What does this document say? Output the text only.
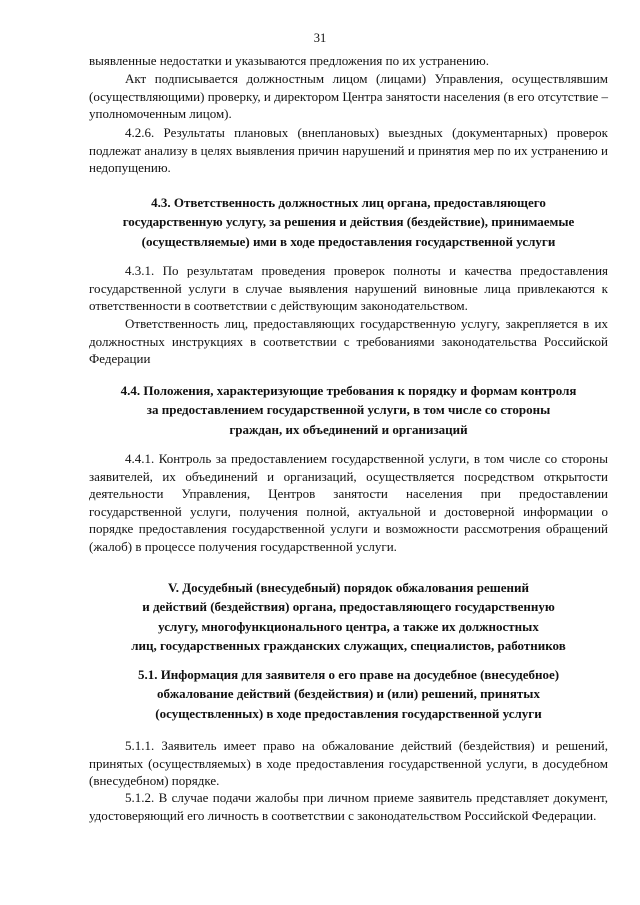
31

выявленные недостатки и указываются предложения по их устранению.

Акт подписывается должностным лицом (лицами) Управления, осуществлявшим (осуществляющими) проверку, и директором Центра занятости населения (в его отсутствие – уполномоченным лицом).

4.2.6. Результаты плановых (внеплановых) выездных (документарных) проверок подлежат анализу в целях выявления причин нарушений и принятия мер по их устранению и недопущению.

4.3. Ответственность должностных лиц органа, предоставляющего
государственную услугу, за решения и действия (бездействие), принимаемые
(осуществляемые) ими в ходе предоставления государственной услуги

4.3.1. По результатам проведения проверок полноты и качества предоставления государственной услуги в случае выявления нарушений виновные лица привлекаются к ответственности в соответствии с действующим законодательством.

Ответственность лиц, предоставляющих государственную услугу, закрепляется в их должностных инструкциях в соответствии с требованиями законодательства Российской Федерации

4.4. Положения, характеризующие требования к порядку и формам контроля
за предоставлением государственной услуги, в том числе со стороны
граждан, их объединений и организаций

4.4.1. Контроль за предоставлением государственной услуги, в том числе со стороны заявителей, их объединений и организаций, осуществляется посредством открытости деятельности Управления, Центров занятости населения при предоставлении государственной услуги, получения полной, актуальной и достоверной информации о порядке предоставления государственной услуги и возможности рассмотрения обращений (жалоб) в процессе получения государственной услуги.

V. Досудебный (внесудебный) порядок обжалования решений
и действий (бездействия) органа, предоставляющего государственную
услугу, многофункционального центра, а также их должностных
лиц, государственных гражданских служащих, специалистов, работников
5.1. Информация для заявителя о его праве на досудебное (внесудебное)
обжалование действий (бездействия) и (или) решений, принятых
(осуществленных) в ходе предоставления государственной услуги

5.1.1. Заявитель имеет право на обжалование действий (бездействия) и решений, принятых (осуществляемых) в ходе предоставления государственной услуги, в досудебном (внесудебном) порядке.

5.1.2. В случае подачи жалобы при личном приеме заявитель представляет документ, удостоверяющий его личность в соответствии с законодательством Российской Федерации.
